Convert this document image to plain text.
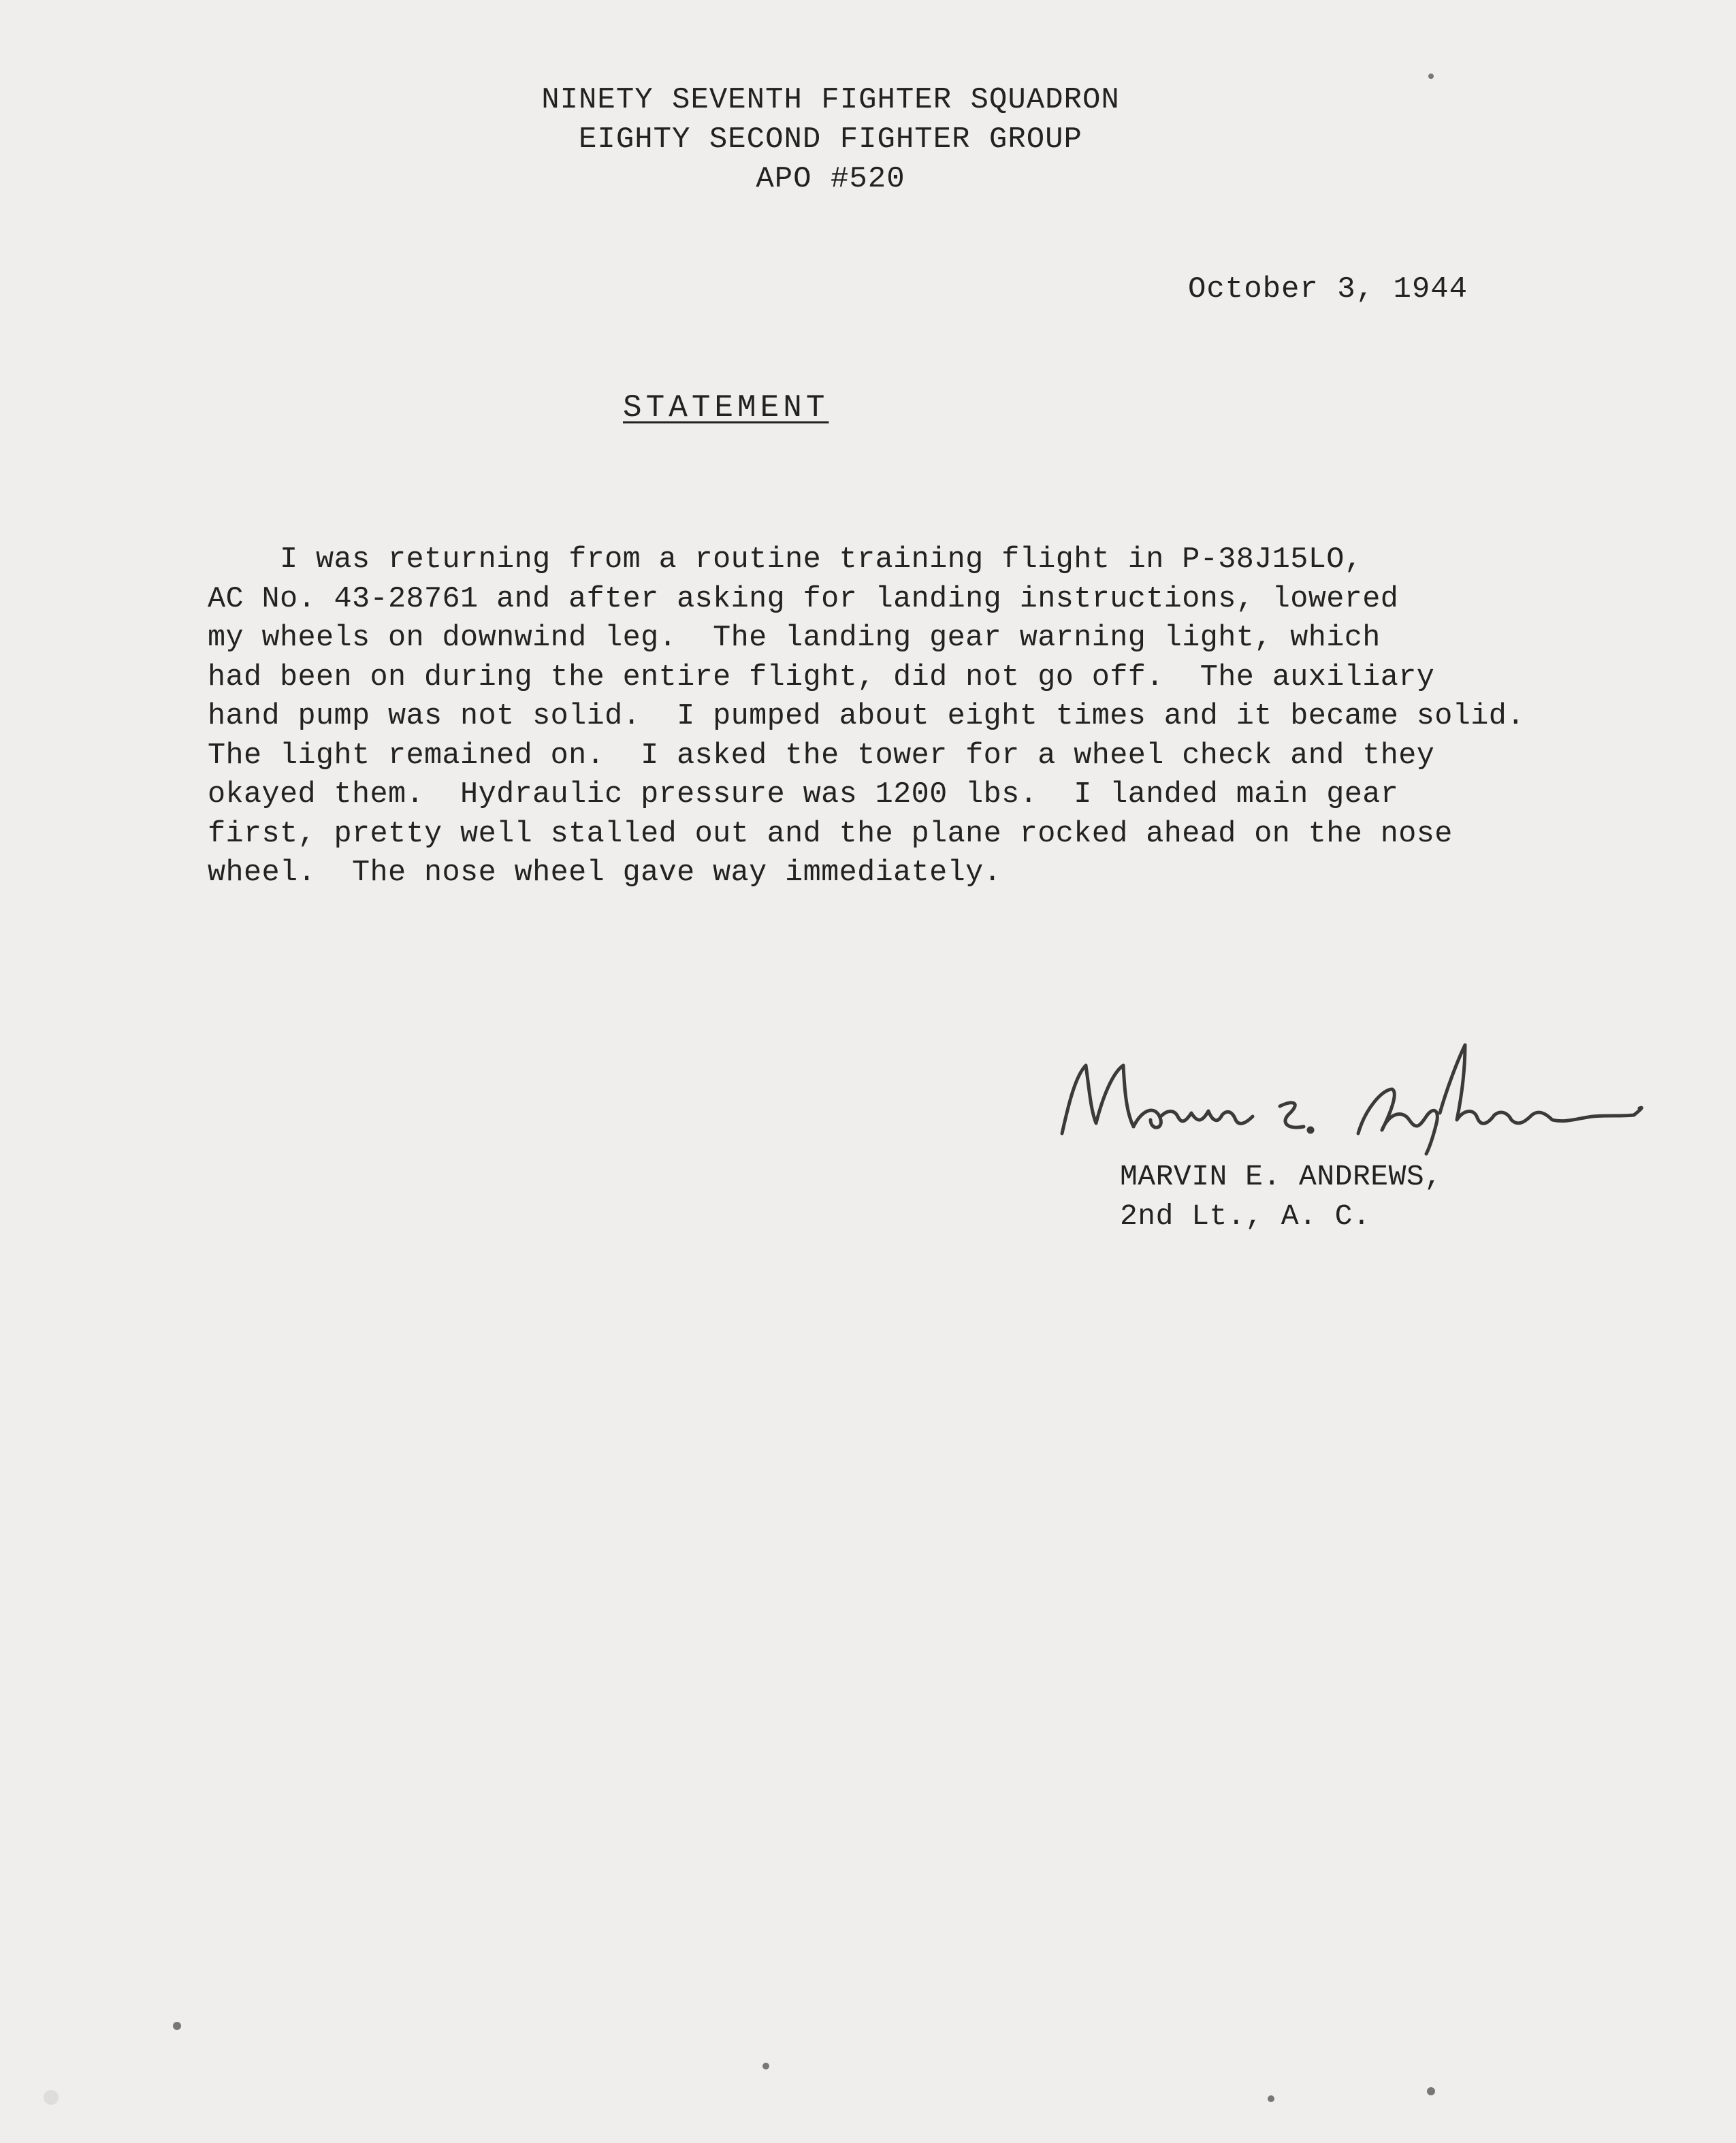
NINETY SEVENTH FIGHTER SQUADRON
EIGHTY SECOND FIGHTER GROUP
APO #520
October 3, 1944
STATEMENT
I was returning from a routine training flight in P-38J15LO,
AC No. 43-28761 and after asking for landing instructions, lowered
my wheels on downwind leg.  The landing gear warning light, which
had been on during the entire flight, did not go off.  The auxiliary
hand pump was not solid.  I pumped about eight times and it became solid.
The light remained on.  I asked the tower for a wheel check and they
okayed them.  Hydraulic pressure was 1200 lbs.  I landed main gear
first, pretty well stalled out and the plane rocked ahead on the nose
wheel.  The nose wheel gave way immediately.
MARVIN E. ANDREWS,
2nd Lt., A. C.
